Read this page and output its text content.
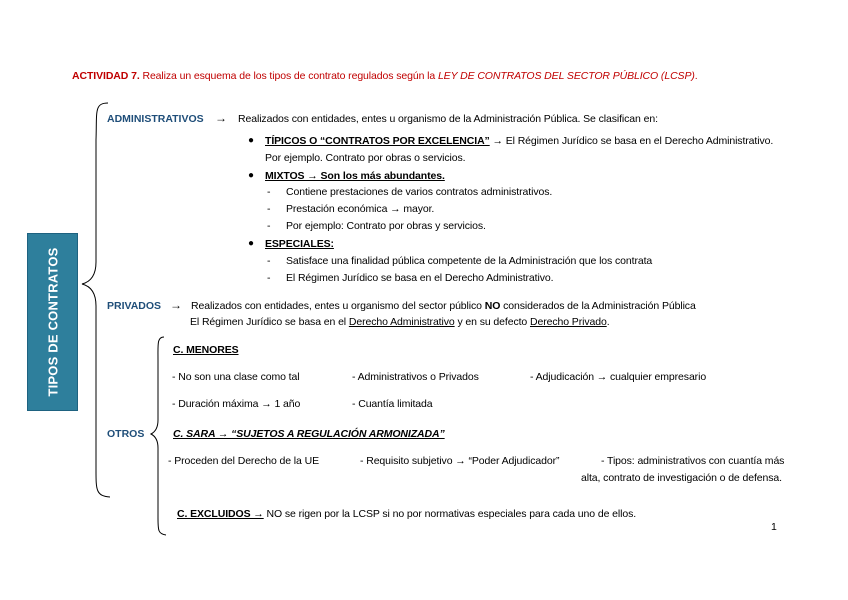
ACTIVIDAD 7. Realiza un esquema de los tipos de contrato regulados según la LEY DE CONTRATOS DEL SECTOR PÚBLICO (LCSP).
TIPOS DE CONTRATOS
ADMINISTRATIVOS → Realizados con entidades, entes u organismo de la Administración Pública. Se clasifican en:
● TÍPICOS O “CONTRATOS POR EXCELENCIA” → El Régimen Jurídico se basa en el Derecho Administrativo.
Por ejemplo. Contrato por obras o servicios.
● MIXTOS → Son los más abundantes.
- Contiene prestaciones de varios contratos administrativos.
- Prestación económica → mayor.
- Por ejemplo: Contrato por obras y servicios.
● ESPECIALES:
- Satisface una finalidad pública competente de la Administración que los contrata
- El Régimen Jurídico se basa en el Derecho Administrativo.
PRIVADOS → Realizados con entidades, entes u organismo del sector público NO considerados de la Administración Pública
El Régimen Jurídico se basa en el Derecho Administrativo y en su defecto Derecho Privado.
OTROS
C. MENORES
- No son una clase como tal	- Administrativos o Privados	- Adjudicación → cualquier empresario
- Duración máxima → 1 año	- Cuantía limitada
C. SARA → “SUJETOS A REGULACIÓN ARMONIZADA”
- Proceden del Derecho de la UE	- Requisito subjetivo → “Poder Adjudicador”	- Tipos: administrativos con cuantía más
alta, contrato de investigación o de defensa.
C. EXCLUIDOS → NO se rigen por la LCSP si no por normativas especiales para cada uno de ellos.
1
